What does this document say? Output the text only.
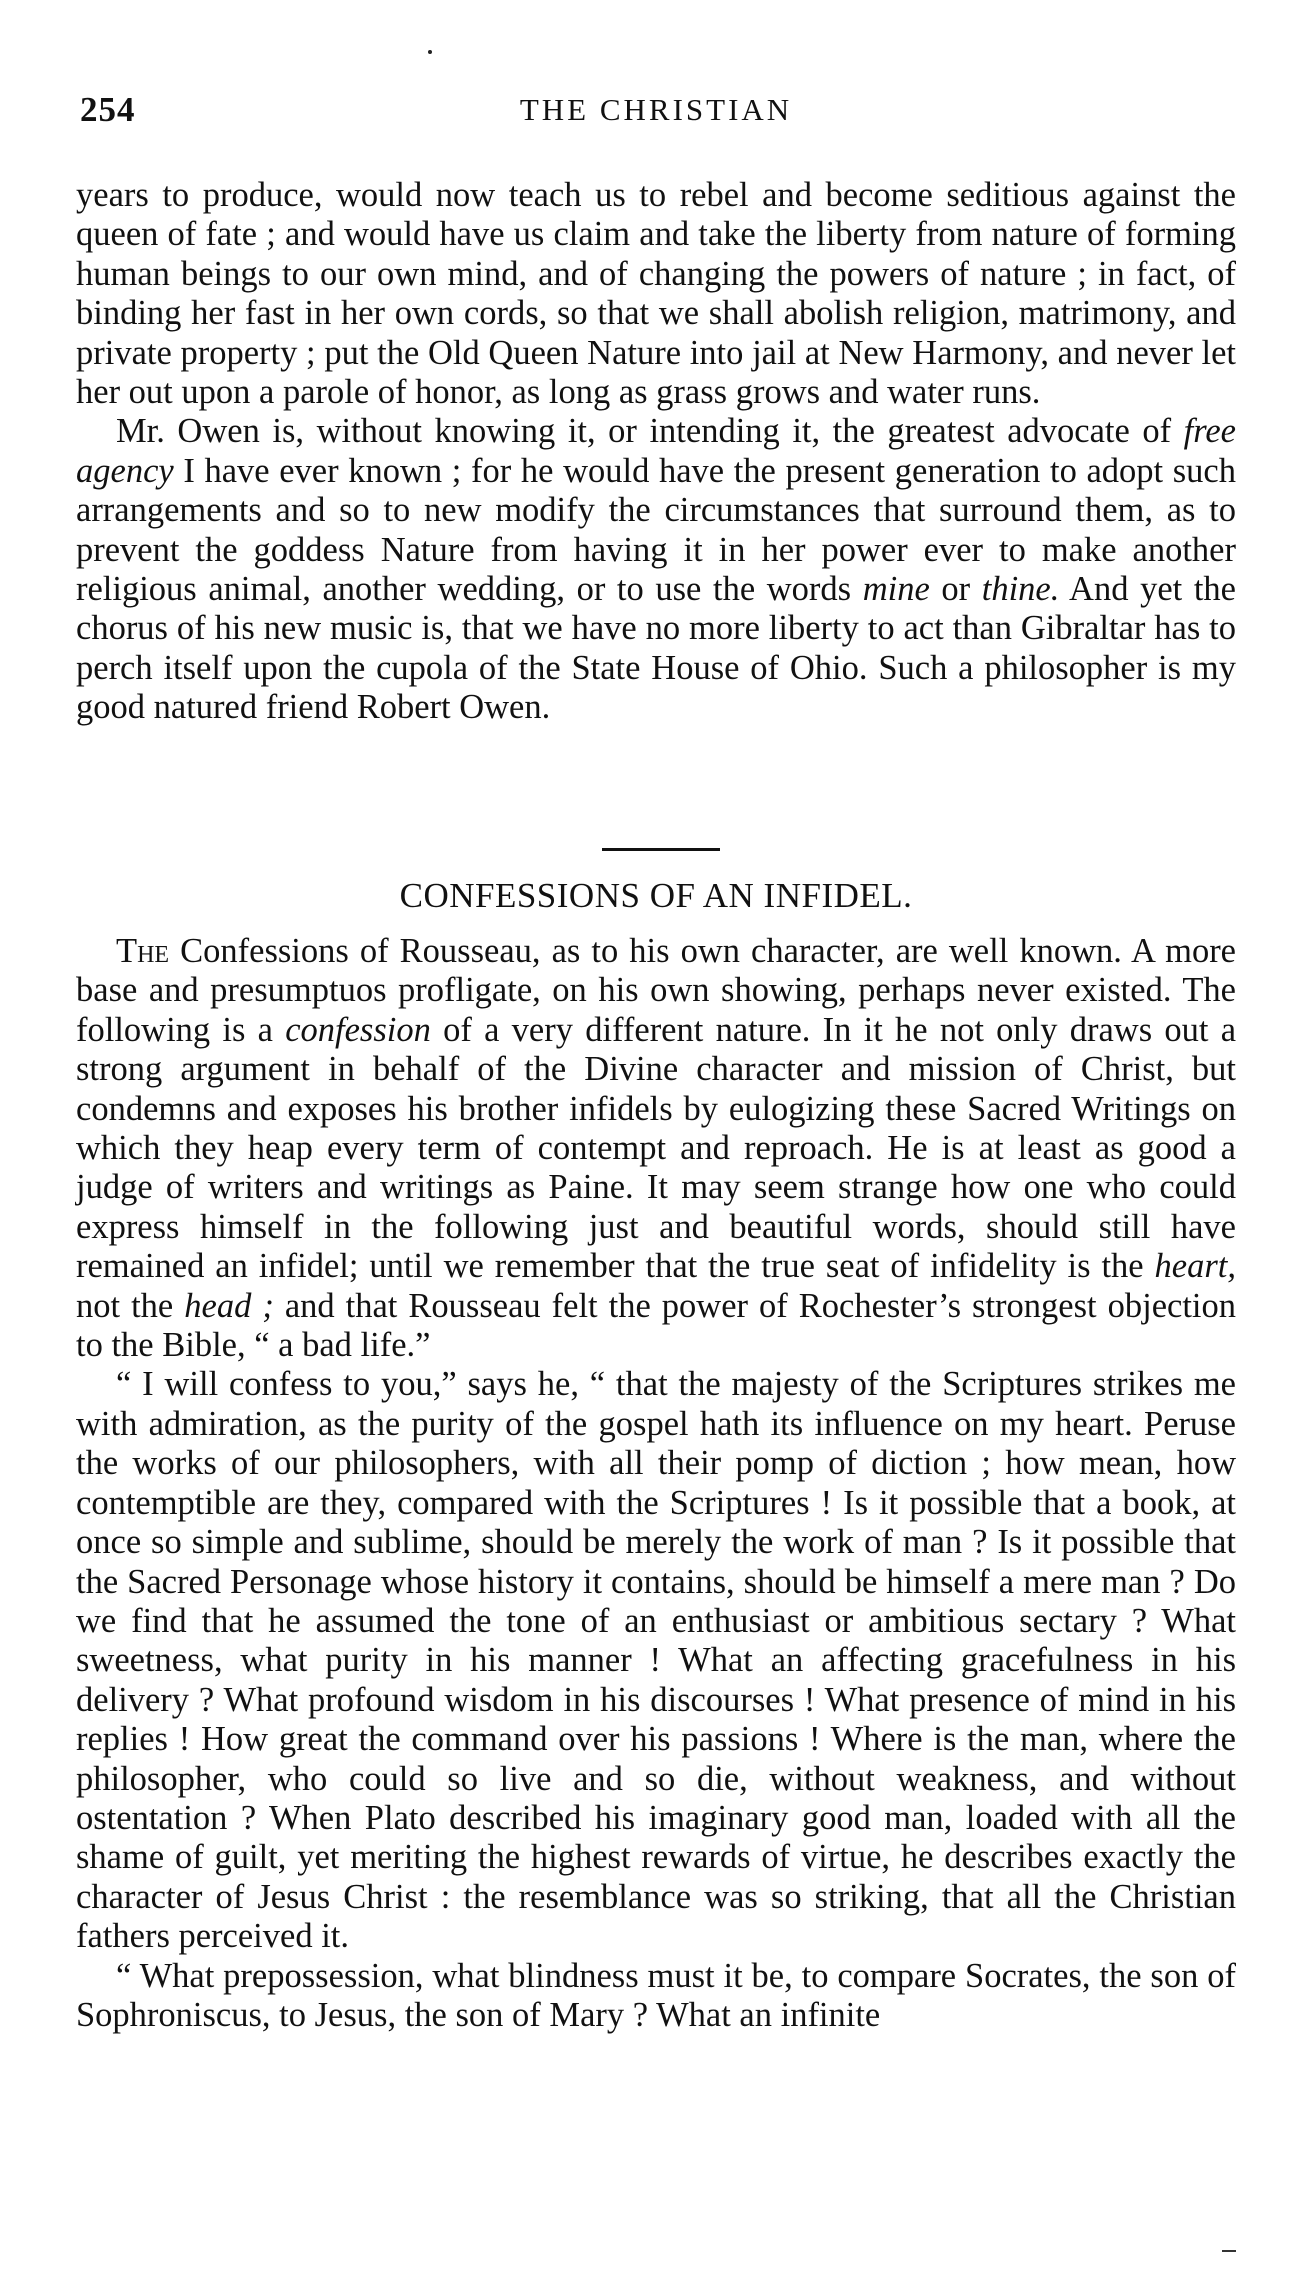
254	THE CHRISTIAN

years to produce, would now teach us to rebel and become seditious against the queen of fate ; and would have us claim and take the liberty from nature of forming human beings to our own mind, and of changing the powers of nature ; in fact, of binding her fast in her own cords, so that we shall abolish religion, matrimony, and private property ; put the Old Queen Nature into jail at New Harmony, and never let her out upon a parole of honor, as long as grass grows and water runs.

Mr. Owen is, without knowing it, or intending it, the greatest advocate of free agency I have ever known ; for he would have the present generation to adopt such arrangements and so to new modify the circumstances that surround them, as to prevent the goddess Nature from having it in her power ever to make another religious animal, another wedding, or to use the words mine or thine. And yet the chorus of his new music is, that we have no more liberty to act than Gibraltar has to perch itself upon the cupola of the State House of Ohio. Such a philosopher is my good natured friend Robert Owen.

CONFESSIONS OF AN INFIDEL.

The Confessions of Rousseau, as to his own character, are well known. A more base and presumptuos profligate, on his own showing, perhaps never existed. The following is a confession of a very different nature. In it he not only draws out a strong argument in behalf of the Divine character and mission of Christ, but condemns and exposes his brother infidels by eulogizing these Sacred Writings on which they heap every term of contempt and reproach. He is at least as good a judge of writers and writings as Paine. It may seem strange how one who could express himself in the following just and beautiful words, should still have remained an infidel; until we remember that the true seat of infidelity is the heart, not the head ; and that Rousseau felt the power of Rochester’s strongest objection to the Bible, “ a bad life.”

“ I will confess to you,” says he, “ that the majesty of the Scriptures strikes me with admiration, as the purity of the gospel hath its influence on my heart. Peruse the works of our philosophers, with all their pomp of diction ; how mean, how contemptible are they, compared with the Scriptures ! Is it possible that a book, at once so simple and sublime, should be merely the work of man ? Is it possible that the Sacred Personage whose history it contains, should be himself a mere man ? Do we find that he assumed the tone of an enthusiast or ambitious sectary ? What sweetness, what purity in his manner ! What an affecting gracefulness in his delivery ? What profound wisdom in his discourses ! What presence of mind in his replies ! How great the command over his passions ! Where is the man, where the philosopher, who could so live and so die, without weakness, and without ostentation ? When Plato described his imaginary good man, loaded with all the shame of guilt, yet meriting the highest rewards of virtue, he describes exactly the character of Jesus Christ : the resemblance was so striking, that all the Christian fathers perceived it.

“ What prepossession, what blindness must it be, to compare Socrates, the son of Sophroniscus, to Jesus, the son of Mary ? What an infinite
